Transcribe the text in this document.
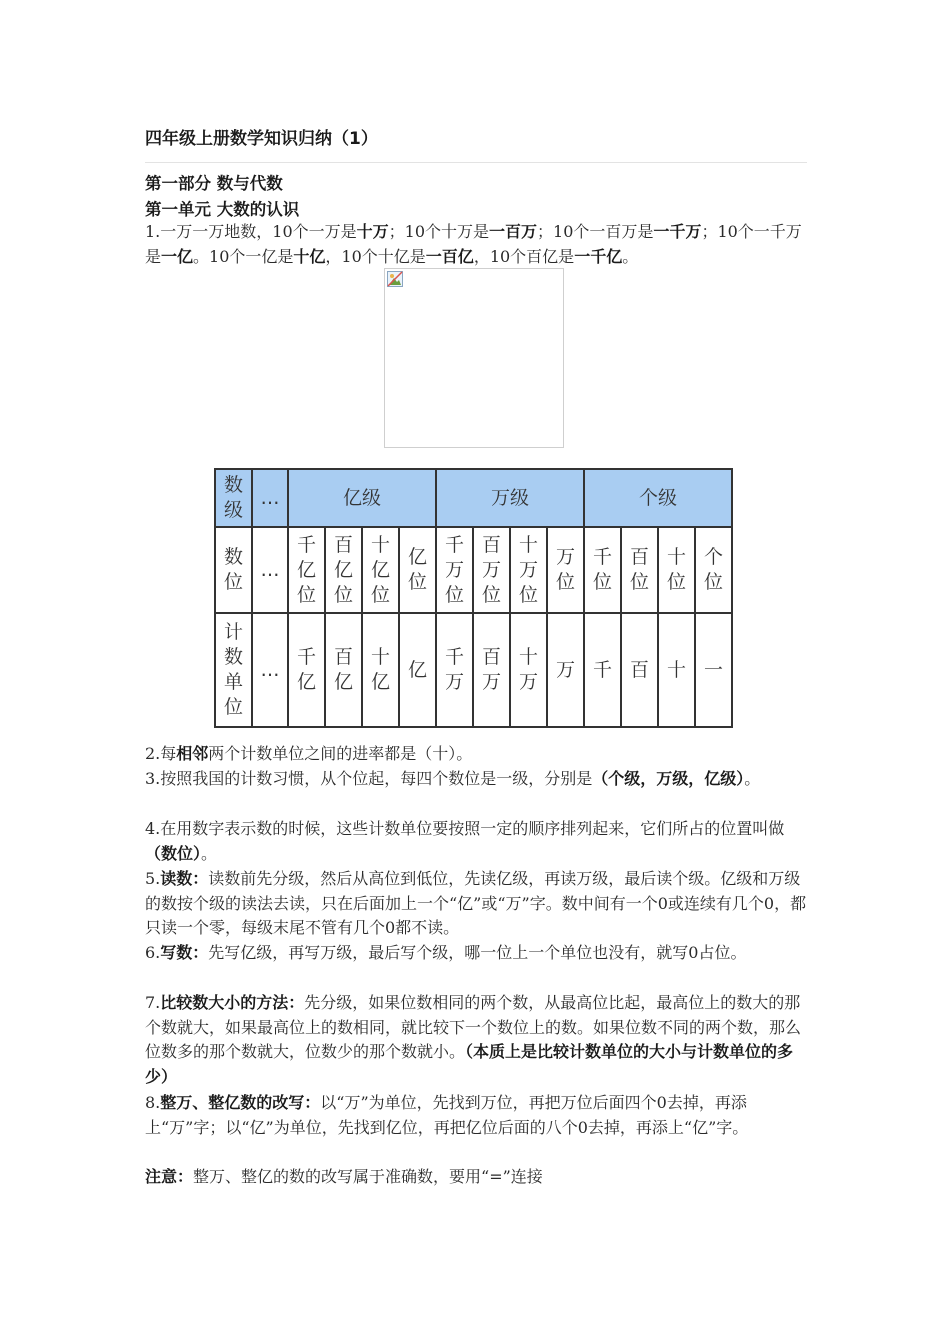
四年级上册数学知识归纳（1）
第一部分 数与代数
第一单元 大数的认识
1.一万一万地数，10个一万是十万；10个十万是一百万；10个一百万是一千万；10个一千万是一亿。10个一亿是十亿，10个十亿是一百亿，10个百亿是一千亿。
数级	…	亿级				万级				个级			
数位	…	千亿位	百亿位	十亿位	亿位	千万位	百万位	十万位	万位	千位	百位	十位	个位
计数单位	…	千亿	百亿	十亿	亿	千万	百万	十万	万	千	百	十	一
2.每相邻两个计数单位之间的进率都是（十）。
3.按照我国的计数习惯，从个位起，每四个数位是一级，分别是（个级，万级，亿级）。
4.在用数字表示数的时候，这些计数单位要按照一定的顺序排列起来，它们所占的位置叫做（数位）。
5.读数：读数前先分级，然后从高位到低位，先读亿级，再读万级，最后读个级。亿级和万级的数按个级的读法去读，只在后面加上一个“亿”或“万”字。数中间有一个0或连续有几个0，都只读一个零，每级末尾不管有几个0都不读。
6.写数：先写亿级，再写万级，最后写个级，哪一位上一个单位也没有，就写0占位。
7.比较数大小的方法：先分级，如果位数相同的两个数，从最高位比起，最高位上的数大的那个数就大，如果最高位上的数相同，就比较下一个数位上的数。如果位数不同的两个数，那么位数多的那个数就大，位数少的那个数就小。（本质上是比较计数单位的大小与计数单位的多少）
8.整万、整亿数的改写：以“万”为单位，先找到万位，再把万位后面四个0去掉，再添上“万”字；以“亿”为单位，先找到亿位，再把亿位后面的八个0去掉，再添上“亿”字。
注意：整万、整亿的数的改写属于准确数，要用“=”连接
